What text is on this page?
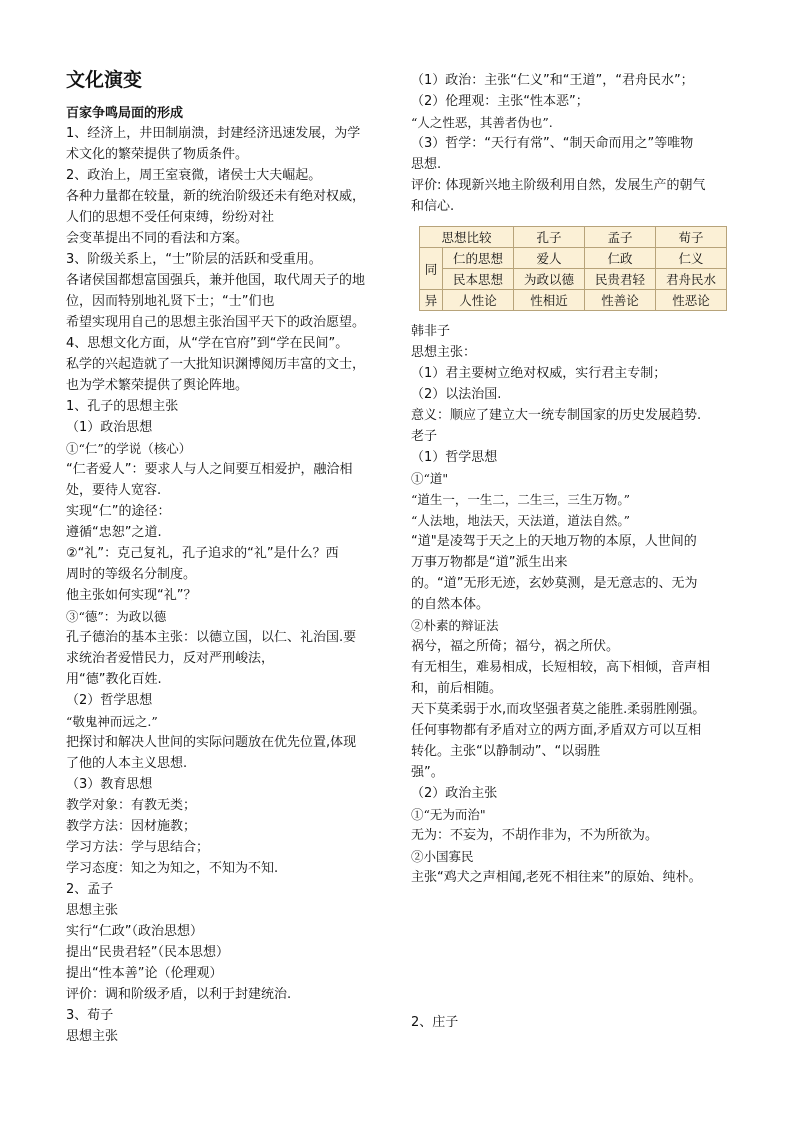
文化演变
百家争鸣局面的形成
1、经济上，井田制崩溃，封建经济迅速发展，为学
术文化的繁荣提供了物质条件。
2、政治上，周王室衰微，诸侯士大夫崛起。
各种力量都在较量，新的统治阶级还未有绝对权威，
人们的思想不受任何束缚，纷纷对社
会变革提出不同的看法和方案。
3、阶级关系上，“士”阶层的活跃和受重用。
各诸侯国都想富国强兵，兼并他国，取代周天子的地
位，因而特别地礼贤下士；“士”们也
希望实现用自己的思想主张治国平天下的政治愿望。
4、思想文化方面，从“学在官府”到“学在民间”。
私学的兴起造就了一大批知识渊博阅历丰富的文士，
也为学术繁荣提供了舆论阵地。
1、孔子的思想主张
（1）政治思想
①“仁”的学说（核心）
“仁者爱人”：要求人与人之间要互相爱护，融洽相
处，要待人宽容.
实现“仁”的途径：
遵循“忠恕”之道.
②“礼”：克己复礼，孔子追求的“礼”是什么？西
周时的等级名分制度。
他主张如何实现“礼”？
③“德”：为政以德
孔子德治的基本主张：以德立国，以仁、礼治国.要
求统治者爱惜民力，反对严刑峻法，
用“德”教化百姓.
（2）哲学思想
“敬鬼神而远之.”
把探讨和解决人世间的实际问题放在优先位置,体现
了他的人本主义思想.
（3）教育思想
教学对象：有教无类；
教学方法：因材施教；
学习方法：学与思结合；
学习态度：知之为知之，不知为不知.
2、孟子
思想主张
实行“仁政”（政治思想）
提出“民贵君轻”（民本思想）
提出“性本善”论（伦理观）
评价：调和阶级矛盾，以利于封建统治.
3、荀子
思想主张
（1）政治：主张“仁义”和“王道”，“君舟民水”；
（2）伦理观：主张“性本恶”；
“人之性恶，其善者伪也”.
（3）哲学：“天行有常”、“制天命而用之”等唯物
思想.
评价: 体现新兴地主阶级利用自然，发展生产的朝气
和信心.
韩非子
思想主张：
（1）君主要树立绝对权威，实行君主专制；
（2）以法治国.
意义：顺应了建立大一统专制国家的历史发展趋势.
老子
（1）哲学思想
①“道"
“道生一，一生二，二生三，三生万物。”
“人法地，地法天，天法道，道法自然。”
“道"是凌驾于天之上的天地万物的本原，人世间的
万事万物都是“道”派生出来
的。“道”无形无迹，玄妙莫测，是无意志的、无为
的自然本体。
②朴素的辩证法
祸兮，福之所倚；福兮，祸之所伏。
有无相生，难易相成，长短相较，高下相倾，音声相
和，前后相随。
天下莫柔弱于水,而攻坚强者莫之能胜.柔弱胜刚强。
任何事物都有矛盾对立的两方面,矛盾双方可以互相
转化。主张“以静制动”、“以弱胜
强”。
（2）政治主张
①“无为而治"
无为：不妄为，不胡作非为，不为所欲为。
②小国寡民
主张“鸡犬之声相闻,老死不相往来”的原始、纯朴。
2、庄子
思想比较		孔子	孟子	荀子
同	仁的思想	爱人	仁政	仁义
	民本思想	为政以德	民贵君轻	君舟民水
异	人性论	性相近	性善论	性恶论
